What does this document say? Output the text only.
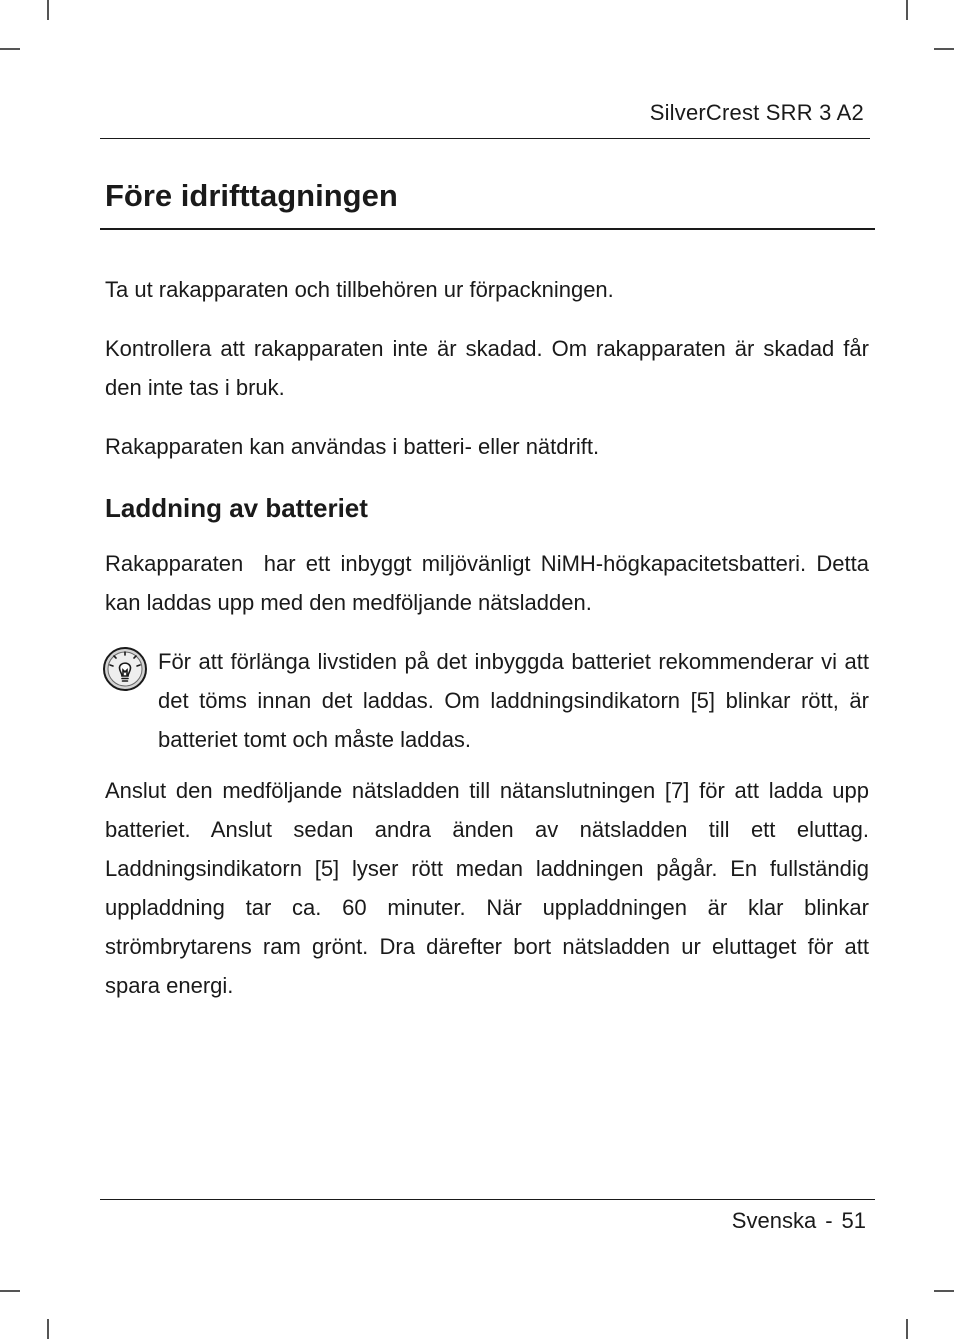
SilverCrest SRR 3 A2
Före idrifttagningen

Ta ut rakapparaten och tillbehören ur förpackningen.

Kontrollera att rakapparaten inte är skadad. Om rakapparaten är skadad får den inte tas i bruk.

Rakapparaten kan användas i batteri- eller nätdrift.

Laddning av batteriet

Rakapparaten  har ett inbyggt miljövänligt NiMH-högkapacitetsbatteri. Detta kan laddas upp med den medföljande nätsladden.

För att förlänga livstiden på det inbyggda batteriet rekommenderar vi att det töms innan det laddas. Om laddningsindikatorn [5] blinkar rött, är batteriet tomt och måste laddas.

Anslut den medföljande nätsladden till nätanslutningen [7] för att ladda upp batteriet. Anslut sedan andra änden av nätsladden till ett eluttag. Laddningsindikatorn [5] lyser rött medan laddningen pågår. En fullständig uppladdning tar ca. 60 minuter. När uppladdningen är klar blinkar strömbrytarens ram grönt. Dra därefter bort nätsladden ur eluttaget för att spara energi.

Svenska - 51
